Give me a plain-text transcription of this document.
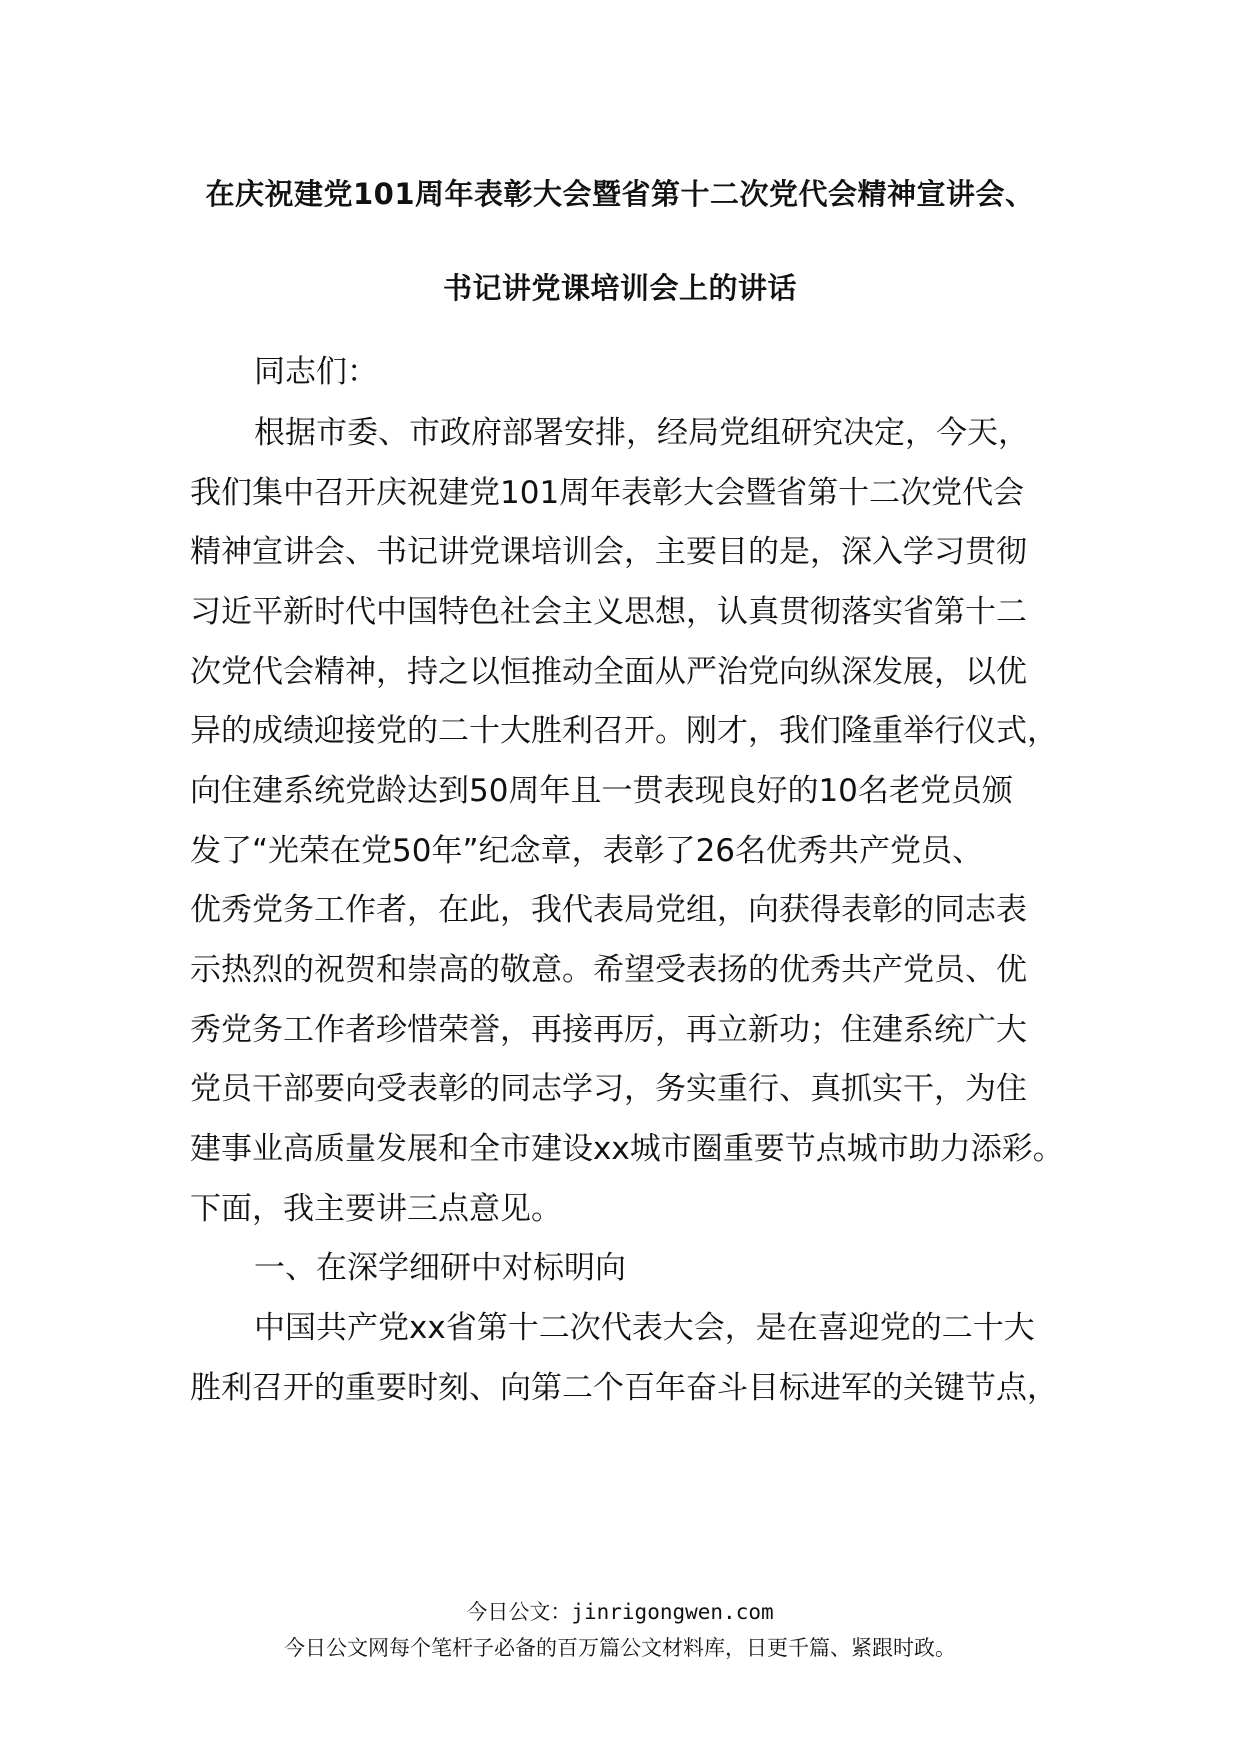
在庆祝建党101周年表彰大会暨省第十二次党代会精神宣讲会、
书记讲党课培训会上的讲话
同志们：
根据市委、市政府部署安排，经局党组研究决定，今天，
我们集中召开庆祝建党101周年表彰大会暨省第十二次党代会
精神宣讲会、书记讲党课培训会，主要目的是，深入学习贯彻
习近平新时代中国特色社会主义思想，认真贯彻落实省第十二
次党代会精神，持之以恒推动全面从严治党向纵深发展，以优
异的成绩迎接党的二十大胜利召开。刚才，我们隆重举行仪式，
向住建系统党龄达到50周年且一贯表现良好的10名老党员颁
发了“光荣在党50年”纪念章，表彰了26名优秀共产党员、
优秀党务工作者，在此，我代表局党组，向获得表彰的同志表
示热烈的祝贺和崇高的敬意。希望受表扬的优秀共产党员、优
秀党务工作者珍惜荣誉，再接再厉，再立新功；住建系统广大
党员干部要向受表彰的同志学习，务实重行、真抓实干，为住
建事业高质量发展和全市建设xx城市圈重要节点城市助力添彩。
下面，我主要讲三点意见。
一、在深学细研中对标明向
中国共产党xx省第十二次代表大会，是在喜迎党的二十大
胜利召开的重要时刻、向第二个百年奋斗目标进军的关键节点，
今日公文：jinrigongwen.com
今日公文网每个笔杆子必备的百万篇公文材料库，日更千篇、紧跟时政。
